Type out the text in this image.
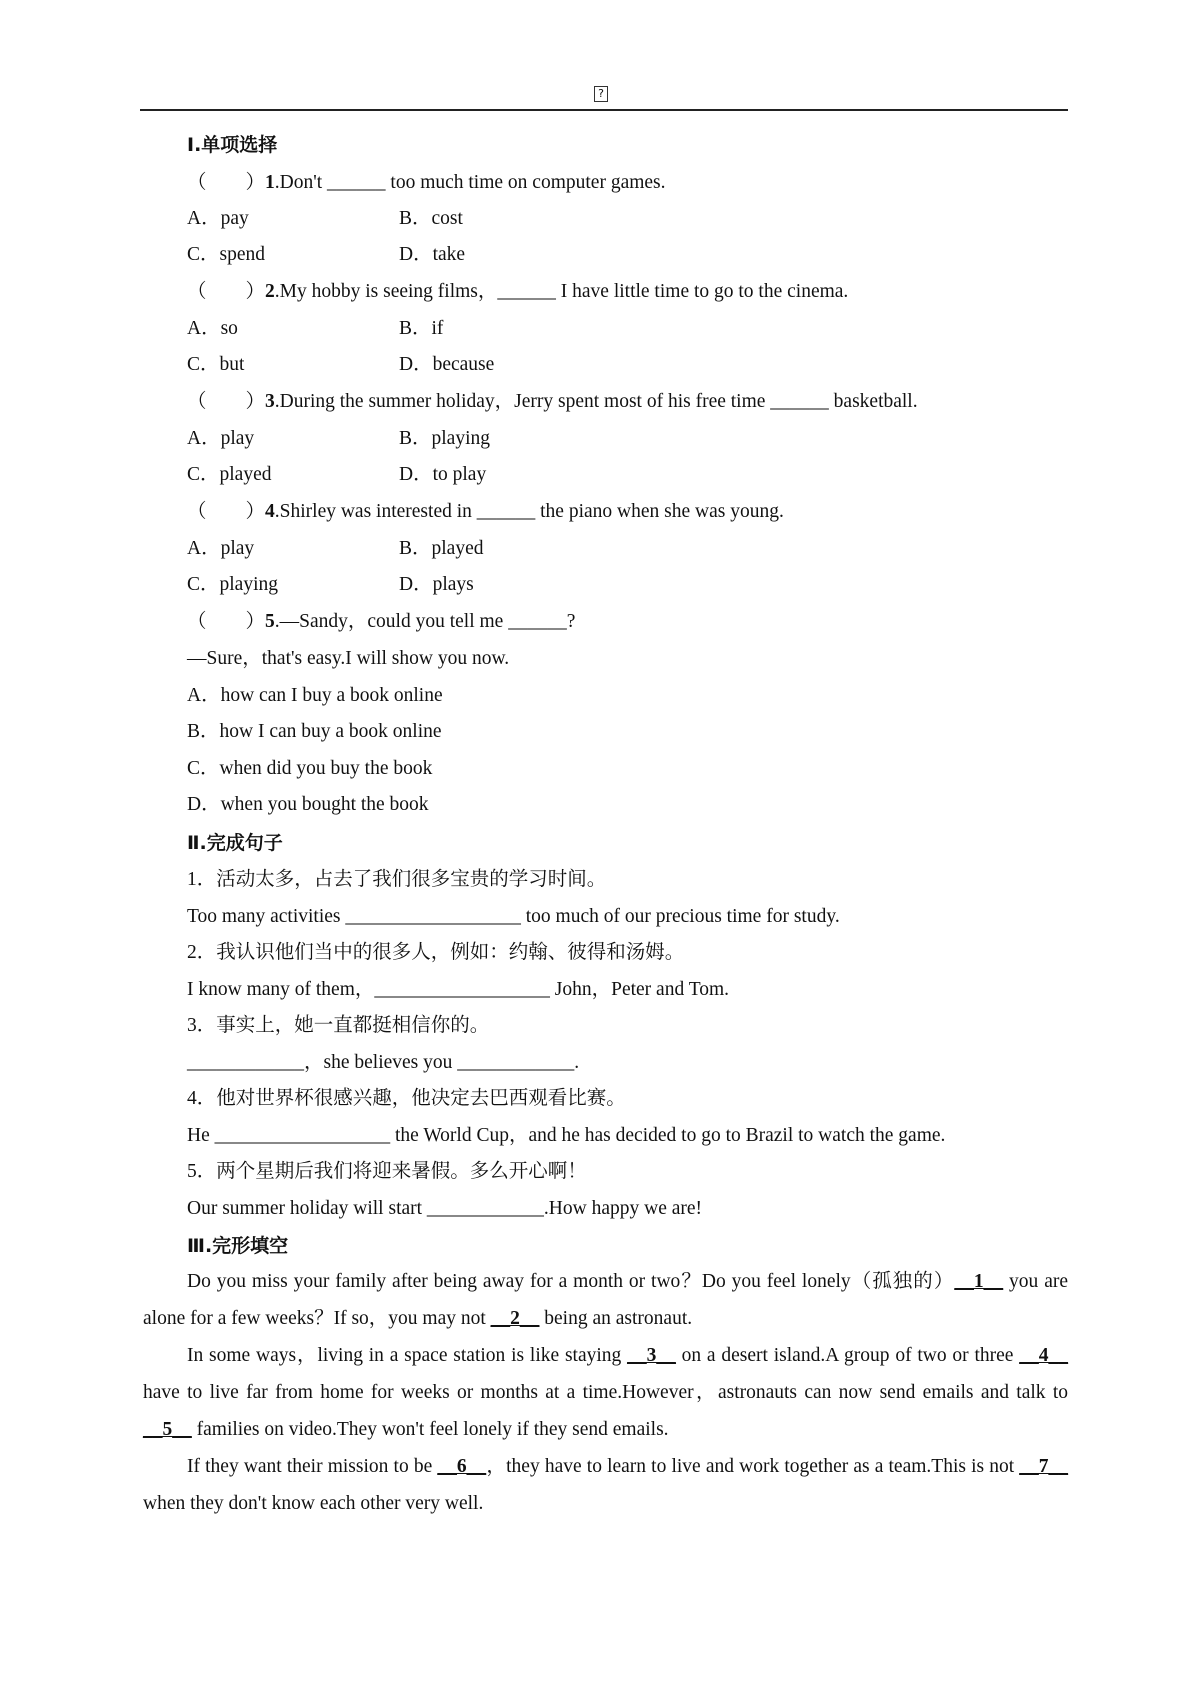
?
Ⅰ.单项选择
（　　）1.Don't ______ too much time on computer games.
A．pay	B．cost
C．spend	D．take
（　　）2.My hobby is seeing films，______ I have little time to go to the cinema.
A．so	B．if
C．but	D．because
（　　）3.During the summer holiday，Jerry spent most of his free time ______ basketball.
A．play	B．playing
C．played	D．to play
（　　）4.Shirley was interested in ______ the piano when she was young.
A．play	B．played
C．playing	D．plays
（　　）5.—Sandy，could you tell me ______?
—Sure，that's easy.I will show you now.
A．how can I buy a book online
B．how I can buy a book online
C．when did you buy the book
D．when you bought the book
Ⅱ.完成句子
1．活动太多，占去了我们很多宝贵的学习时间。
Too many activities __________________ too much of our precious time for study.
2．我认识他们当中的很多人，例如：约翰、彼得和汤姆。
I know many of them，__________________ John，Peter and Tom.
3．事实上，她一直都挺相信你的。
____________，she believes you ____________.
4．他对世界杯很感兴趣，他决定去巴西观看比赛。
He __________________ the World Cup，and he has decided to go to Brazil to watch the game.
5．两个星期后我们将迎来暑假。多么开心啊！
Our summer holiday will start ____________.How happy we are!
Ⅲ.完形填空
Do you miss your family after being away for a month or two？Do you feel lonely（孤独的）__1__ you are alone for a few weeks？If so，you may not __2__ being an astronaut.
In some ways，living in a space station is like staying __3__ on a desert island.A group of two or three __4__ have to live far from home for weeks or months at a time.However，astronauts can now send emails and talk to __5__ families on video.They won't feel lonely if they send emails.
If they want their mission to be __6__，they have to learn to live and work together as a team.This is not __7__ when they don't know each other very well.
